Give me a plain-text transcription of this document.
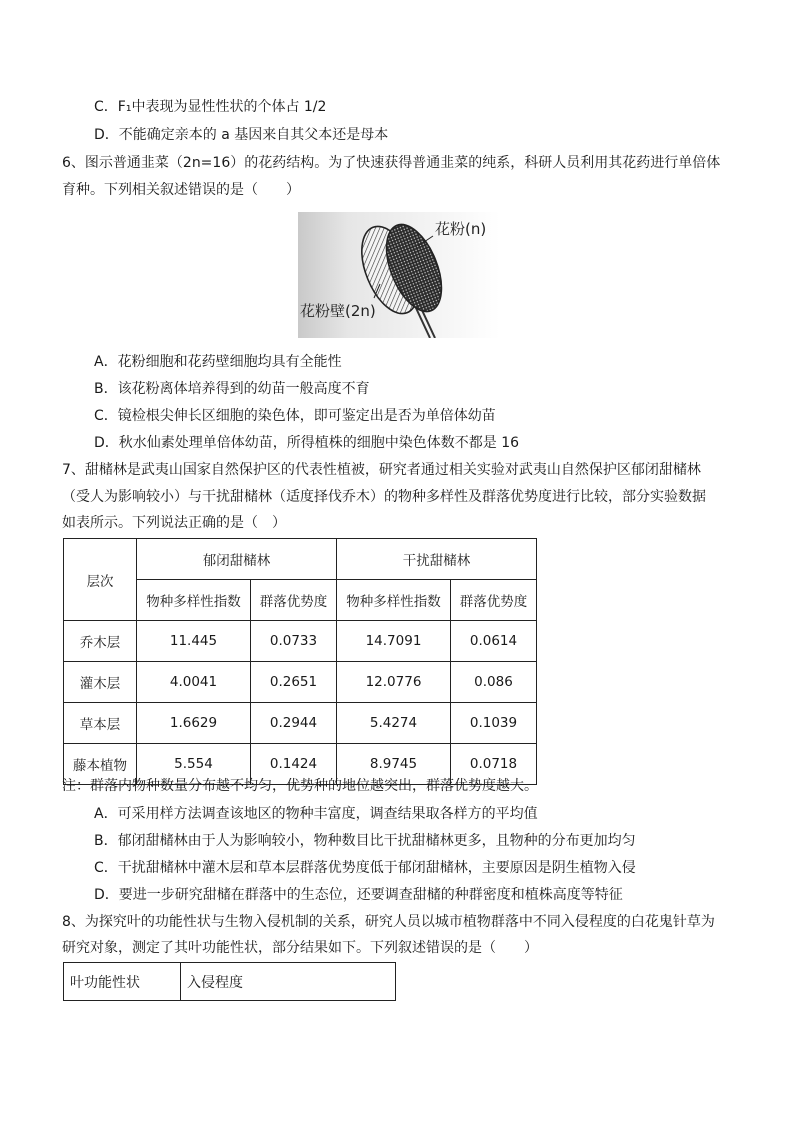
C．F₁中表现为显性性状的个体占 1/2
D．不能确定亲本的 a 基因来自其父本还是母本
6、图示普通韭菜（2n=16）的花药结构。为了快速获得普通韭菜的纯系，科研人员利用其花药进行单倍体
育种。下列相关叙述错误的是（　　）
花粉(n)
花粉壁(2n)
A．花粉细胞和花药壁细胞均具有全能性
B．该花粉离体培养得到的幼苗一般高度不育
C．镜检根尖伸长区细胞的染色体，即可鉴定出是否为单倍体幼苗
D．秋水仙素处理单倍体幼苗，所得植株的细胞中染色体数不都是 16
7、甜槠林是武夷山国家自然保护区的代表性植被，研究者通过相关实验对武夷山自然保护区郁闭甜槠林
（受人为影响较小）与干扰甜槠林（适度择伐乔木）的物种多样性及群落优势度进行比较，部分实验数据
如表所示。下列说法正确的是（　）
层次	郁闭甜槠林		干扰甜槠林	
	物种多样性指数	群落优势度	物种多样性指数	群落优势度
乔木层	11.445	0.0733	14.7091	0.0614
灌木层	4.0041	0.2651	12.0776	0.086
草本层	1.6629	0.2944	5.4274	0.1039
藤本植物	5.554	0.1424	8.9745	0.0718
注：群落内物种数量分布越不均匀，优势种的地位越突出，群落优势度越大。
A．可采用样方法调查该地区的物种丰富度，调查结果取各样方的平均值
B．郁闭甜槠林由于人为影响较小，物种数目比干扰甜槠林更多，且物种的分布更加均匀
C．干扰甜槠林中灌木层和草本层群落优势度低于郁闭甜槠林，主要原因是阴生植物入侵
D．要进一步研究甜槠在群落中的生态位，还要调查甜槠的种群密度和植株高度等特征
8、为探究叶的功能性状与生物入侵机制的关系，研究人员以城市植物群落中不同入侵程度的白花鬼针草为
研究对象，测定了其叶功能性状，部分结果如下。下列叙述错误的是（　　）
叶功能性状	入侵程度
